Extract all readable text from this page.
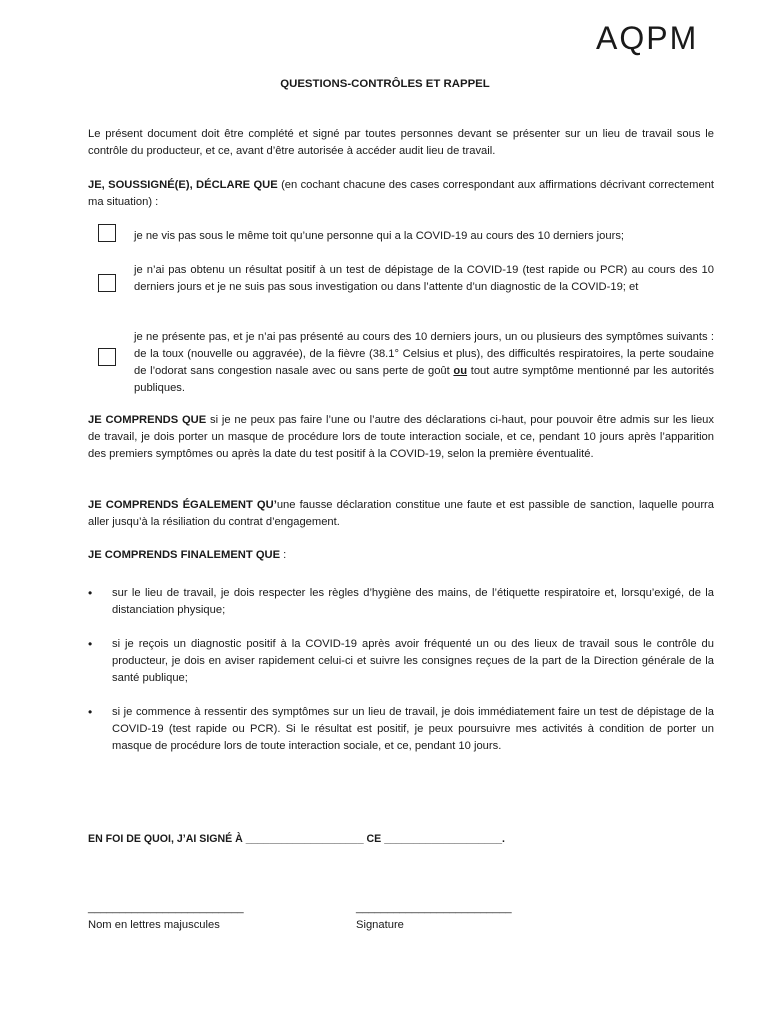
AQPM
QUESTIONS-CONTRÔLES ET RAPPEL
Le présent document doit être complété et signé par toutes personnes devant se présenter sur un lieu de travail sous le contrôle du producteur, et ce, avant d’être autorisée à accéder audit lieu de travail.
JE, SOUSSIGNÉ(E), DÉCLARE QUE (en cochant chacune des cases correspondant aux affirmations décrivant correctement ma situation) :
je ne vis pas sous le même toit qu’une personne qui a la COVID-19 au cours des 10 derniers jours;
je n’ai pas obtenu un résultat positif à un test de dépistage de la COVID-19 (test rapide ou PCR) au cours des 10 derniers jours et je ne suis pas sous investigation ou dans l’attente d’un diagnostic de la COVID-19; et
je ne présente pas, et je n’ai pas présenté au cours des 10 derniers jours, un ou plusieurs des symptômes suivants : de la toux (nouvelle ou aggravée), de la fièvre (38.1° Celsius et plus), des difficultés respiratoires, la perte soudaine de l’odorat sans congestion nasale avec ou sans perte de goût ou tout autre symptôme mentionné par les autorités publiques.
JE COMPRENDS QUE si je ne peux pas faire l’une ou l’autre des déclarations ci-haut, pour pouvoir être admis sur les lieux de travail, je dois porter un masque de procédure lors de toute interaction sociale, et ce, pendant 10 jours après l’apparition des premiers symptômes ou après la date du test positif à la COVID-19, selon la première éventualité.
JE COMPRENDS ÉGALEMENT QU’une fausse déclaration constitue une faute et est passible de sanction, laquelle pourra aller jusqu’à la résiliation du contrat d’engagement.
JE COMPRENDS FINALEMENT QUE :
• sur le lieu de travail, je dois respecter les règles d’hygiène des mains, de l’étiquette respiratoire et, lorsqu’exigé, de la distanciation physique;
• si je reçois un diagnostic positif à la COVID-19 après avoir fréquenté un ou des lieux de travail sous le contrôle du producteur, je dois en aviser rapidement celui-ci et suivre les consignes reçues de la part de la Direction générale de la santé publique;
• si je commence à ressentir des symptômes sur un lieu de travail, je dois immédiatement faire un test de dépistage de la COVID-19 (test rapide ou PCR). Si le résultat est positif, je peux poursuivre mes activités à condition de porter un masque de procédure lors de toute interaction sociale, et ce, pendant 10 jours.
EN FOI DE QUOI, J’AI SIGNÉ À ____________________ CE ____________________.
_________________________
Nom en lettres majuscules
_________________________
Signature
